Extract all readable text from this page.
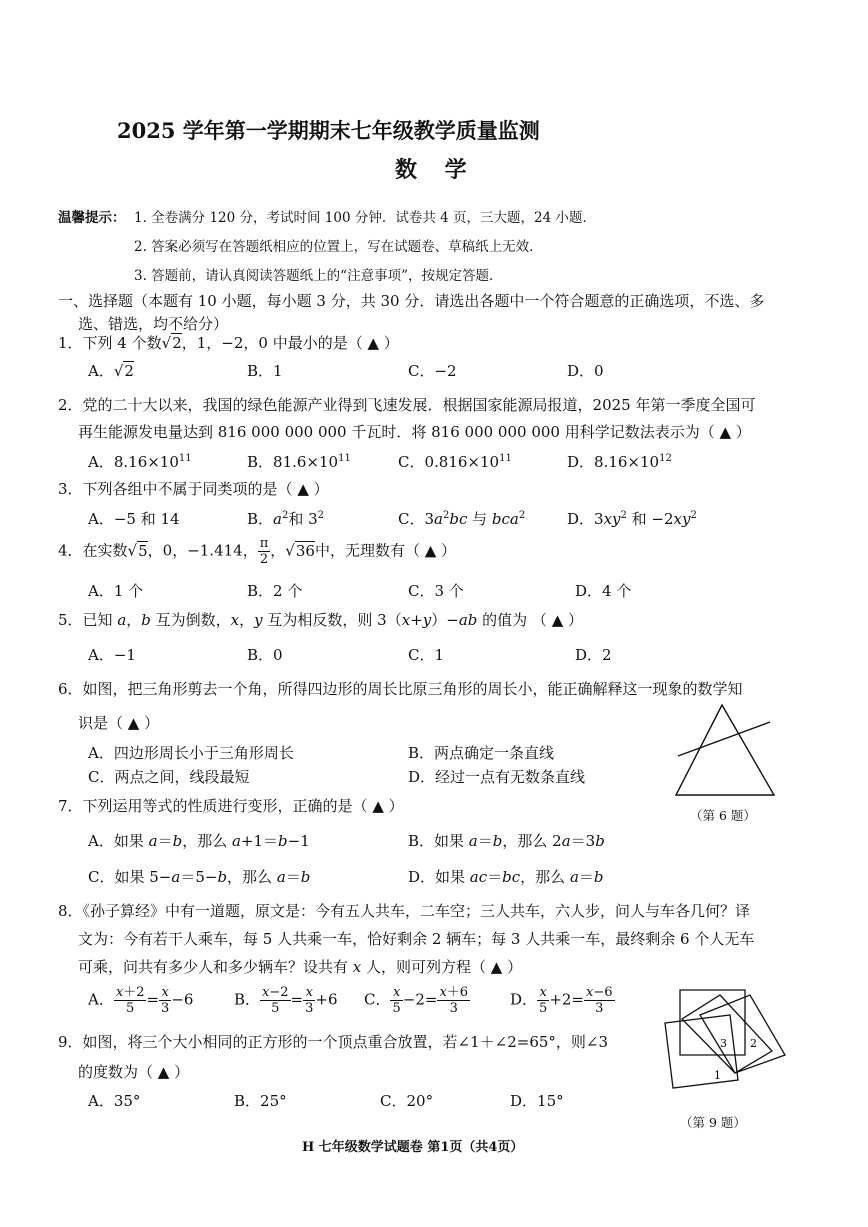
2025 学年第一学期期末七年级教学质量监测
数 学
温馨提示： 1. 全卷满分 120 分，考试时间 100 分钟．试卷共 4 页，三大题，24 小题．
2. 答案必须写在答题纸相应的位置上，写在试题卷、草稿纸上无效．
3. 答题前，请认真阅读答题纸上的“注意事项”，按规定答题．
一、选择题（本题有 10 小题，每小题 3 分，共 30 分．请选出各题中一个符合题意的正确选项，不选、多
选、错选，均不给分）
1．下列 4 个数√2，1，−2，0 中最小的是（ ▲ ）
A．√2	B．1	C．−2	D．0
2．党的二十大以来，我国的绿色能源产业得到飞速发展．根据国家能源局报道，2025 年第一季度全国可
再生能源发电量达到 816 000 000 000 千瓦时．将 816 000 000 000 用科学记数法表示为（ ▲ ）
A．$8.16\times 10^{11}$	B．$81.6\times 10^{11}$	C．$0.816\times 10^{11}$	D．$8.16\times 10^{12}$
3．下列各组中不属于同类项的是（ ▲ ）
A．−5 和 14	B．$a^2$和 $3^2$	C．$3a^2bc$ 与 bca$^2$	D．$3xy^2$ 和 $-2xy^2$
4．在实数√5，0，−1.414， $\frac{\pi}{2}$ ，√36中，无理数有（ ▲ ）
A．1 个	B．2 个	C．3 个	D．4 个
5．已知 a，b 互为倒数，x，y 互为相反数，则 3（x+y）−ab 的值为 （ ▲ ）
A．−1	B．0	C．1	D．2
6．如图，把三角形剪去一个角，所得四边形的周长比原三角形的周长小，能正确解释这一现象的数学知
识是（ ▲ ）
A．四边形周长小于三角形周长	B．两点确定一条直线
C．两点之间，线段最短	D．经过一点有无数条直线
（第 6 题）
7．下列运用等式的性质进行变形，正确的是（ ▲ ）
A．如果 a＝b，那么 a+1＝b−1	B．如果 a＝b，那么 2a＝3b
C．如果 5−a＝5−b，那么 a＝b	D．如果 ac＝bc，那么 a＝b
8．《孙子算经》中有一道题，原文是：今有五人共车，二车空；三人共车，六人步，问人与车各几何？译
文为：今有若干人乘车，每 5 人共乘一车，恰好剩余 2 辆车；每 3 人共乘一车，最终剩余 6 个人无车
可乘，问共有多少人和多少辆车？设共有 x 人，则可列方程（ ▲ ）
A． $\frac{x+2}{5} = \frac{x}{3} -6$	B． $\frac{x-2}{5} = \frac{x}{3} +6$ C． $\frac{x}{5} -2= \frac{x+6}{3}$	D． $\frac{x}{5} +2= \frac{x-6}{3}$
9．如图，将三个大小相同的正方形的一个顶点重合放置，若∠1＋∠2=65°，则∠3
的度数为（ ▲ ）
A．35°	B．25°	C．20°	D．15°
2
3
1
（第 9 题）
H 七年级数学试题卷 第1页（共4页）
